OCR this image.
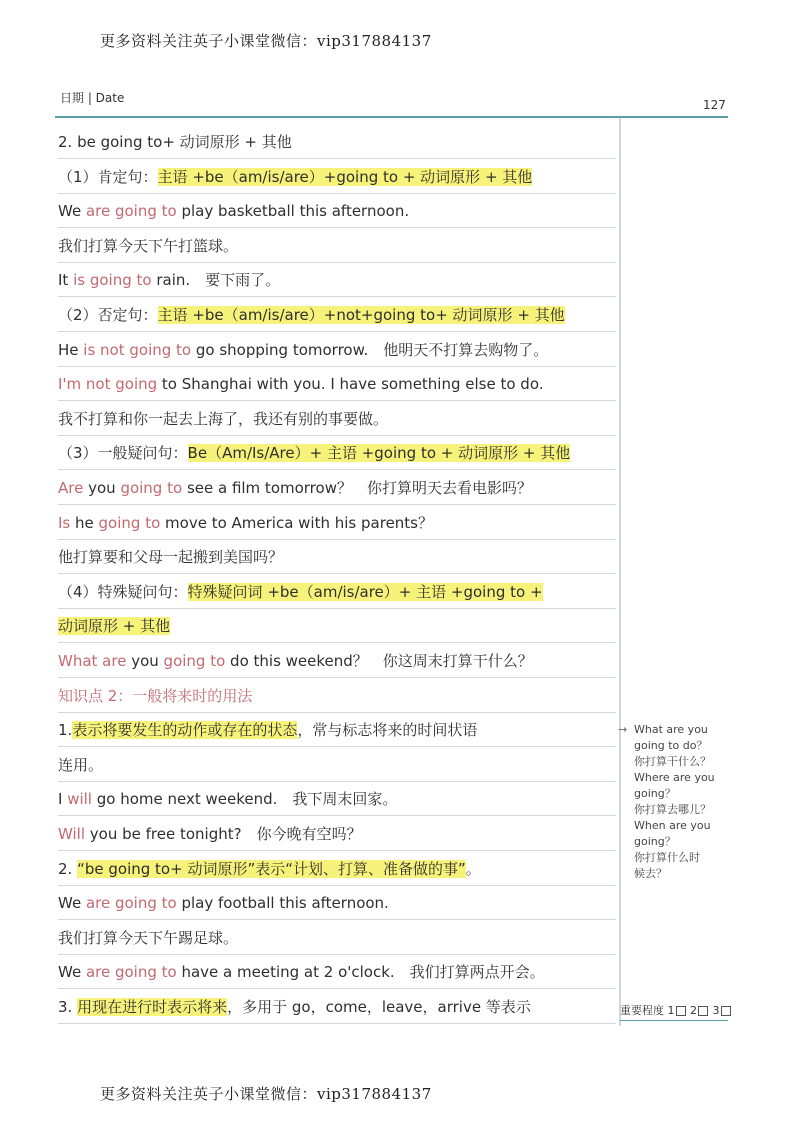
更多资料关注英子小课堂微信：vip317884137
日期 | Date	127
2. be going to+ 动词原形 + 其他
（1）肯定句：主语 +be（am/is/are）+going to + 动词原形 + 其他
We are going to play basketball this afternoon.
我们打算今天下午打篮球。
It is going to rain.　要下雨了。
（2）否定句：主语 +be（am/is/are）+not+going to+ 动词原形 + 其他
He is not going to go shopping tomorrow.　他明天不打算去购物了。
I'm not going to Shanghai with you. I have something else to do.
我不打算和你一起去上海了，我还有别的事要做。
（3）一般疑问句：Be（Am/Is/Are）+ 主语 +going to + 动词原形 + 其他
Are you going to see a film tomorrow？　你打算明天去看电影吗？
Is he going to move to America with his parents？
他打算要和父母一起搬到美国吗？
（4）特殊疑问句：特殊疑问词 +be（am/is/are）+ 主语 +going to +
动词原形 + 其他
What are you going to do this weekend？　你这周末打算干什么？
知识点 2：一般将来时的用法
1.表示将要发生的动作或存在的状态，常与标志将来的时间状语
连用。
I will go home next weekend.　我下周末回家。
Will you be free tonight?　你今晚有空吗？
2. “be going to+ 动词原形”表示“计划、打算、准备做的事”。
We are going to play football this afternoon.
我们打算今天下午踢足球。
We are going to have a meeting at 2 o'clock.　我们打算两点开会。
3. 用现在进行时表示将来，多用于 go，come，leave，arrive 等表示
→ What are you
going to do？
你打算干什么？
Where are you
going？
你打算去哪儿？
When are you
going？
你打算什么时
候去？
重要程度 1 2 3
更多资料关注英子小课堂微信：vip317884137
